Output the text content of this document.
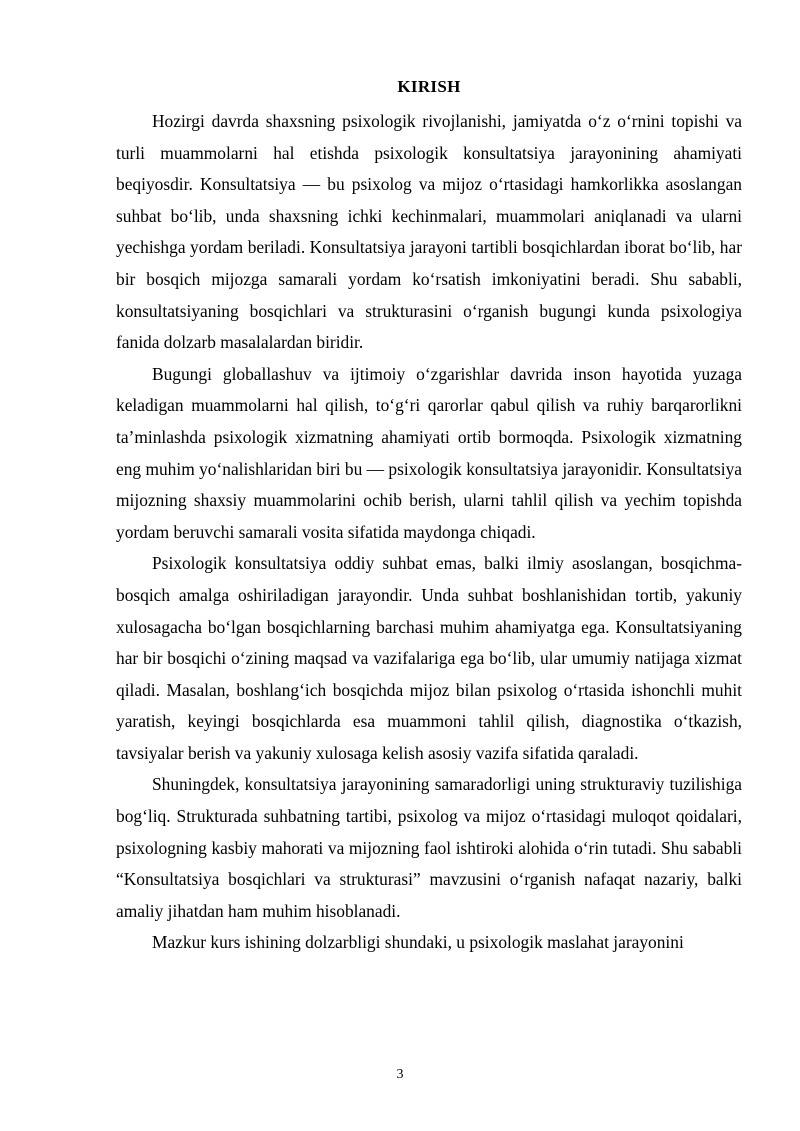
KIRISH

Hozirgi davrda shaxsning psixologik rivojlanishi, jamiyatda o‘z o‘rnini topishi va turli muammolarni hal etishda psixologik konsultatsiya jarayonining ahamiyati beqiyosdir. Konsultatsiya — bu psixolog va mijoz o‘rtasidagi hamkorlikka asoslangan suhbat bo‘lib, unda shaxsning ichki kechinmalari, muammolari aniqlanadi va ularni yechishga yordam beriladi. Konsultatsiya jarayoni tartibli bosqichlardan iborat bo‘lib, har bir bosqich mijozga samarali yordam ko‘rsatish imkoniyatini beradi. Shu sababli, konsultatsiyaning bosqichlari va strukturasini o‘rganish bugungi kunda psixologiya fanida dolzarb masalalardan biridir.

Bugungi globallashuv va ijtimoiy o‘zgarishlar davrida inson hayotida yuzaga keladigan muammolarni hal qilish, to‘g‘ri qarorlar qabul qilish va ruhiy barqarorlikni ta’minlashda psixologik xizmatning ahamiyati ortib bormoqda. Psixologik xizmatning eng muhim yo‘nalishlaridan biri bu — psixologik konsultatsiya jarayonidir. Konsultatsiya mijozning shaxsiy muammolarini ochib berish, ularni tahlil qilish va yechim topishda yordam beruvchi samarali vosita sifatida maydonga chiqadi.

Psixologik konsultatsiya oddiy suhbat emas, balki ilmiy asoslangan, bosqichma-bosqich amalga oshiriladigan jarayondir. Unda suhbat boshlanishidan tortib, yakuniy xulosagacha bo‘lgan bosqichlarning barchasi muhim ahamiyatga ega. Konsultatsiyaning har bir bosqichi o‘zining maqsad va vazifalariga ega bo‘lib, ular umumiy natijaga xizmat qiladi. Masalan, boshlang‘ich bosqichda mijoz bilan psixolog o‘rtasida ishonchli muhit yaratish, keyingi bosqichlarda esa muammoni tahlil qilish, diagnostika o‘tkazish, tavsiyalar berish va yakuniy xulosaga kelish asosiy vazifa sifatida qaraladi.

Shuningdek, konsultatsiya jarayonining samaradorligi uning strukturaviy tuzilishiga bog‘liq. Strukturada suhbatning tartibi, psixolog va mijoz o‘rtasidagi muloqot qoidalari, psixologning kasbiy mahorati va mijozning faol ishtiroki alohida o‘rin tutadi. Shu sababli “Konsultatsiya bosqichlari va strukturasi” mavzusini o‘rganish nafaqat nazariy, balki amaliy jihatdan ham muhim hisoblanadi.

Mazkur kurs ishining dolzarbligi shundaki, u psixologik maslahat jarayonini

3
